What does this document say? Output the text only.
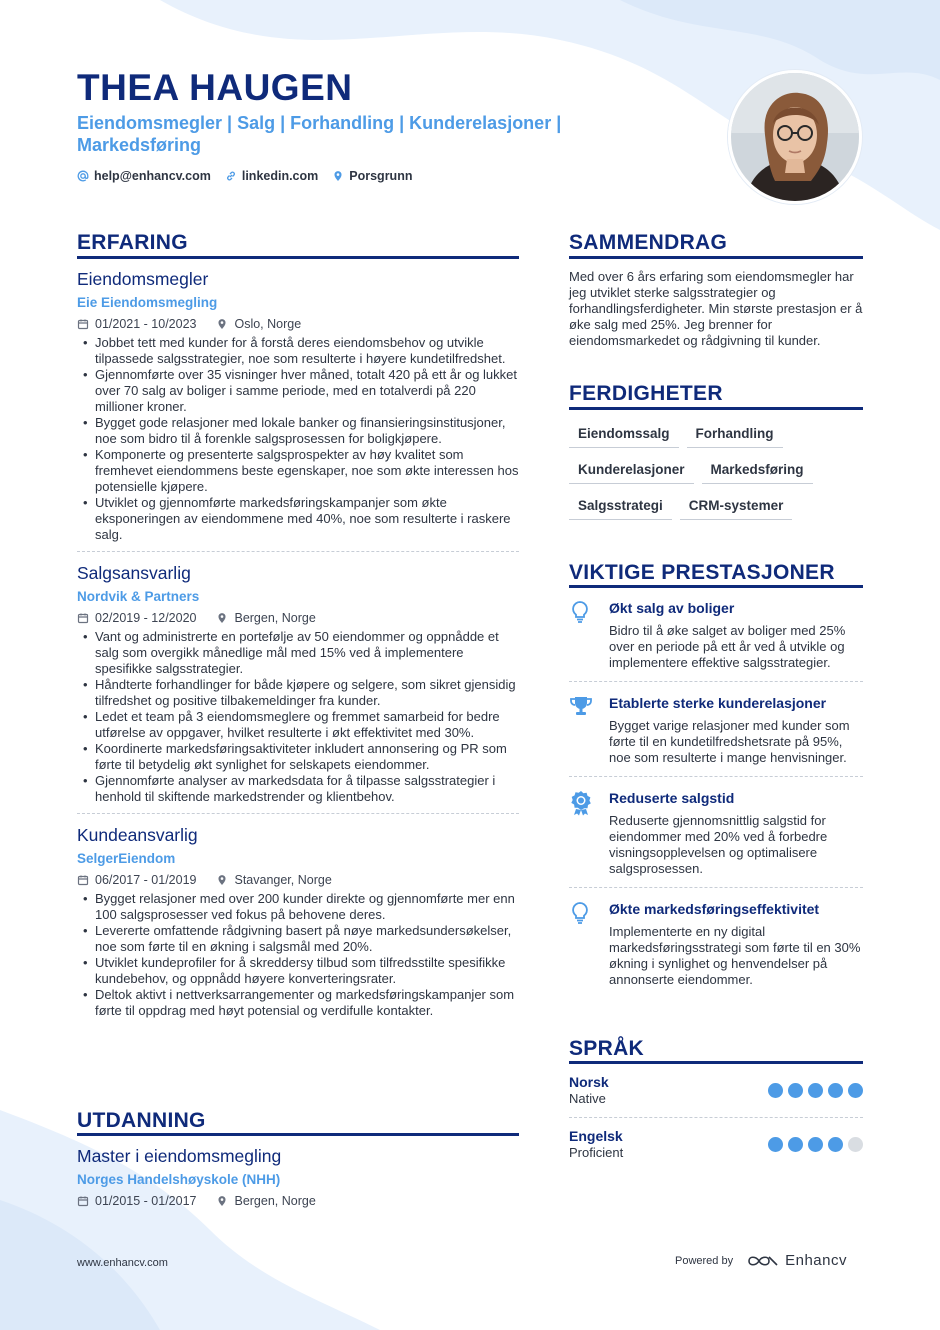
THEA HAUGEN
Eiendomsmegler | Salg | Forhandling | Kunderelasjoner | Markedsføring
help@enhancv.com linkedin.com Porsgrunn
ERFARING
Eiendomsmegler
Eie Eiendomsmegling
01/2021 - 10/2023	Oslo, Norge
• Jobbet tett med kunder for å forstå deres eiendomsbehov og utvikle tilpassede salgsstrategier, noe som resulterte i høyere kundetilfredshet.
• Gjennomførte over 35 visninger hver måned, totalt 420 på ett år og lukket over 70 salg av boliger i samme periode, med en totalverdi på 220 millioner kroner.
• Bygget gode relasjoner med lokale banker og finansieringsinstitusjoner, noe som bidro til å forenkle salgsprosessen for boligkjøpere.
• Komponerte og presenterte salgsprospekter av høy kvalitet som fremhevet eiendommens beste egenskaper, noe som økte interessen hos potensielle kjøpere.
• Utviklet og gjennomførte markedsføringskampanjer som økte eksponeringen av eiendommene med 40%, noe som resulterte i raskere salg.
Salgsansvarlig
Nordvik & Partners
02/2019 - 12/2020	Bergen, Norge
• Vant og administrerte en portefølje av 50 eiendommer og oppnådde et salg som overgikk månedlige mål med 15% ved å implementere spesifikke salgsstrategier.
• Håndterte forhandlinger for både kjøpere og selgere, som sikret gjensidig tilfredshet og positive tilbakemeldinger fra kunder.
• Ledet et team på 3 eiendomsmeglere og fremmet samarbeid for bedre utførelse av oppgaver, hvilket resulterte i økt effektivitet med 30%.
• Koordinerte markedsføringsaktiviteter inkludert annonsering og PR som førte til betydelig økt synlighet for selskapets eiendommer.
• Gjennomførte analyser av markedsdata for å tilpasse salgsstrategier i henhold til skiftende markedstrender og klientbehov.
Kundeansvarlig
SelgerEiendom
06/2017 - 01/2019	Stavanger, Norge
• Bygget relasjoner med over 200 kunder direkte og gjennomførte mer enn 100 salgsprosesser ved fokus på behovene deres.
• Levererte omfattende rådgivning basert på nøye markedsundersøkelser, noe som førte til en økning i salgsmål med 20%.
• Utviklet kundeprofiler for å skreddersy tilbud som tilfredsstilte spesifikke kundebehov, og oppnådd høyere konverteringsrater.
• Deltok aktivt i nettverksarrangementer og markedsføringskampanjer som førte til oppdrag med høyt potensial og verdifulle kontakter.
UTDANNING
Master i eiendomsmegling
Norges Handelshøyskole (NHH)
01/2015 - 01/2017	Bergen, Norge
SAMMENDRAG
Med over 6 års erfaring som eiendomsmegler har jeg utviklet sterke salgsstrategier og forhandlingsferdigheter. Min største prestasjon er å øke salg med 25%. Jeg brenner for eiendomsmarkedet og rådgivning til kunder.
FERDIGHETER
Eiendomssalg	Forhandling
Kunderelasjoner	Markedsføring
Salgsstrategi	CRM-systemer
VIKTIGE PRESTASJONER
Økt salg av boliger
Bidro til å øke salget av boliger med 25% over en periode på ett år ved å utvikle og implementere effektive salgsstrategier.
Etablerte sterke kunderelasjoner
Bygget varige relasjoner med kunder som førte til en kundetilfredshetsrate på 95%, noe som resulterte i mange henvisninger.
Reduserte salgstid
Reduserte gjennomsnittlig salgstid for eiendommer med 20% ved å forbedre visningsopplevelsen og optimalisere salgsprosessen.
Økte markedsføringseffektivitet
Implementerte en ny digital markedsføringsstrategi som førte til en 30% økning i synlighet og henvendelser på annonserte eiendommer.
SPRÅK
Norsk
Native
Engelsk
Proficient
www.enhancv.com	Powered by	Enhancv
